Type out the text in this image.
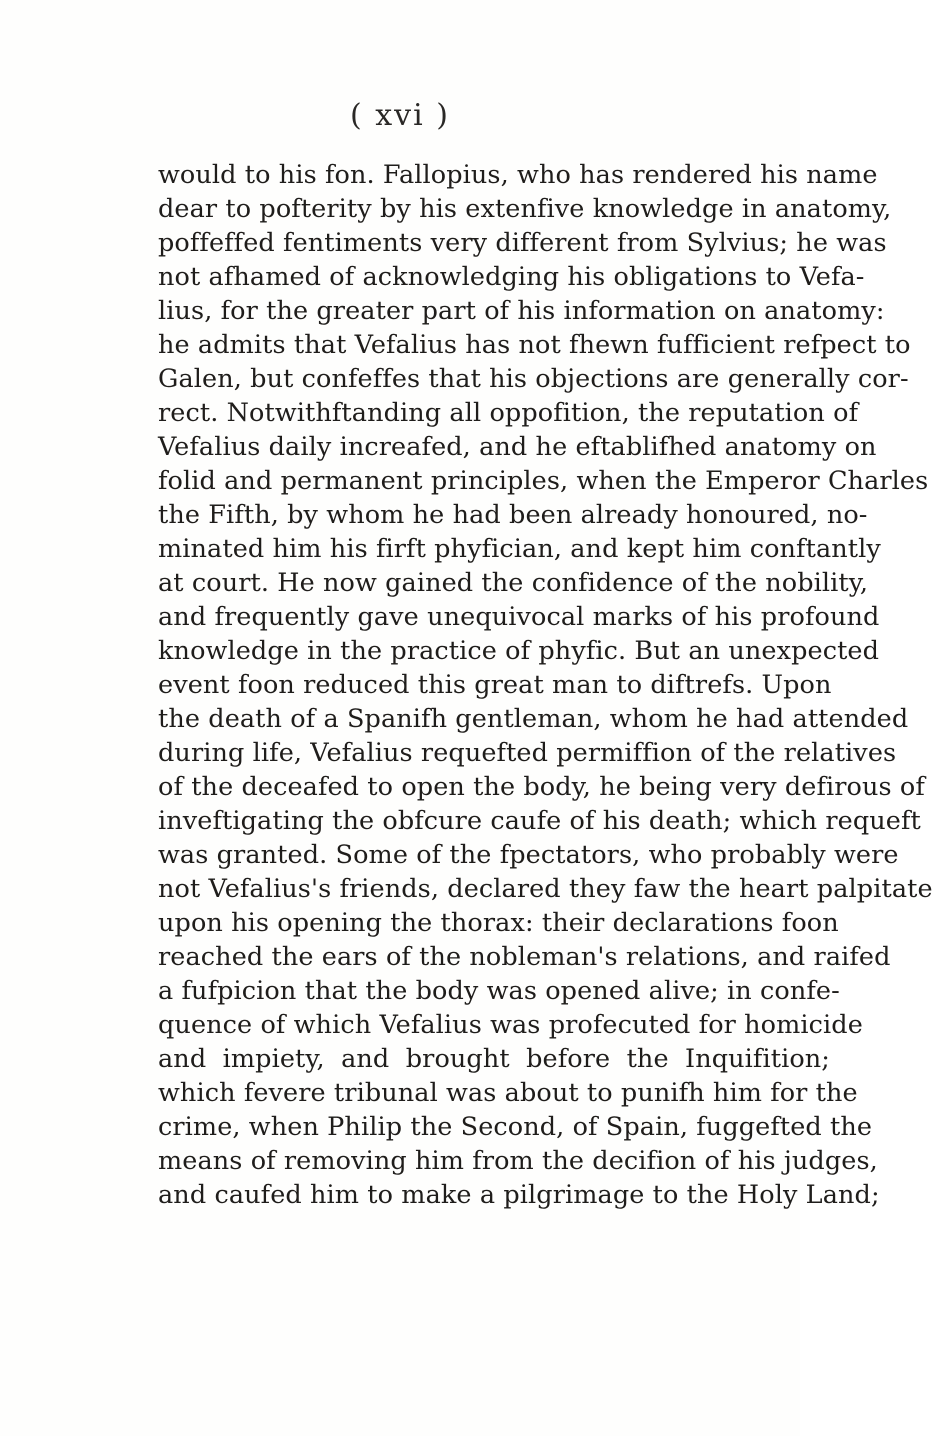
( xvi )
would to his fon. Fallopius, who has rendered his name
dear to pofterity by his extenfive knowledge in anatomy,
poffeffed fentiments very different from Sylvius; he was
not afhamed of acknowledging his obligations to Vefa-
lius, for the greater part of his information on anatomy:
he admits that Vefalius has not fhewn fufficient refpect to
Galen, but confeffes that his objections are generally cor-
rect. Notwithftanding all oppofition, the reputation of
Vefalius daily increafed, and he eftablifhed anatomy on
folid and permanent principles, when the Emperor Charles
the Fifth, by whom he had been already honoured, no-
minated him his firft phyfician, and kept him conftantly
at court. He now gained the confidence of the nobility,
and frequently gave unequivocal marks of his profound
knowledge in the practice of phyfic. But an unexpected
event foon reduced this great man to diftrefs. Upon
the death of a Spanifh gentleman, whom he had attended
during life, Vefalius requefted permiffion of the relatives
of the deceafed to open the body, he being very defirous of
inveftigating the obfcure caufe of his death; which requeft
was granted. Some of the fpectators, who probably were
not Vefalius's friends, declared they faw the heart palpitate
upon his opening the thorax: their declarations foon
reached the ears of the nobleman's relations, and raifed
a fufpicion that the body was opened alive; in confe-
quence of which Vefalius was profecuted for homicide
and impiety, and brought before the Inquifition;
which fevere tribunal was about to punifh him for the
crime, when Philip the Second, of Spain, fuggefted the
means of removing him from the decifion of his judges,
and caufed him to make a pilgrimage to the Holy Land;
